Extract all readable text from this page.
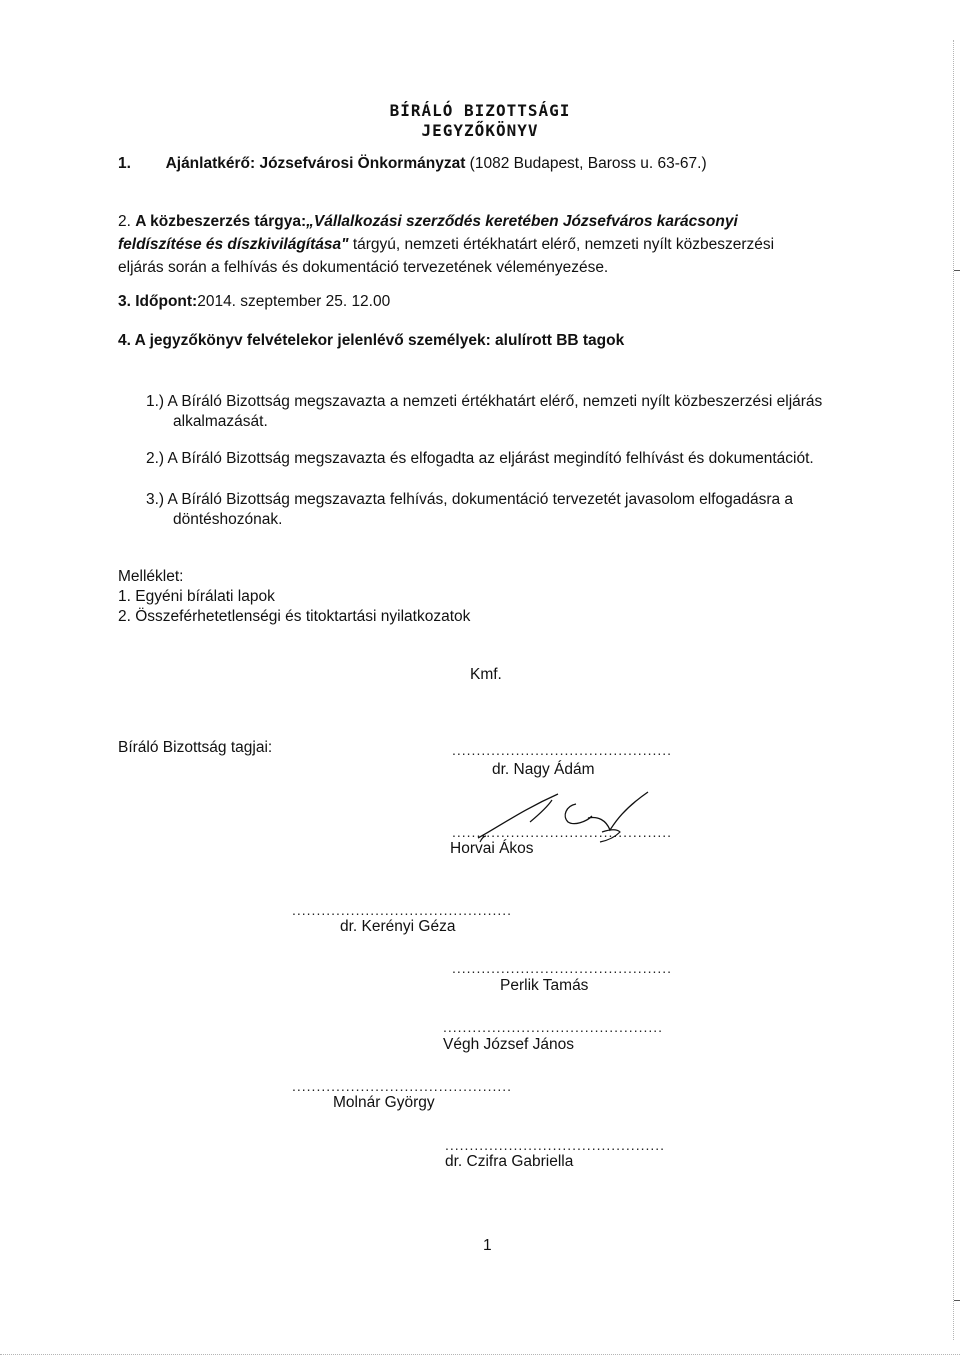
BÍRÁLÓ BIZOTTSÁGI
JEGYZŐKÖNYV
1. Ajánlatkérő: Józsefvárosi Önkormányzat (1082 Budapest, Baross u. 63-67.)
2. A közbeszerzés tárgya:„Vállalkozási szerződés keretében Józsefváros karácsonyi
feldíszítése és díszkivilágítása" tárgyú, nemzeti értékhatárt elérő, nemzeti nyílt közbeszerzési
eljárás során a felhívás és dokumentáció tervezetének véleményezése.
3. Időpont:2014. szeptember 25. 12.00
4. A jegyzőkönyv felvételekor jelenlévő személyek: alulírott BB tagok
1.) A Bíráló Bizottság megszavazta a nemzeti értékhatárt elérő, nemzeti nyílt közbeszerzési eljárás
alkalmazását.
2.) A Bíráló Bizottság megszavazta és elfogadta az eljárást megindító felhívást és dokumentációt.
3.) A Bíráló Bizottság megszavazta felhívás, dokumentáció tervezetét javasolom elfogadásra a
döntéshozónak.
Melléklet:
1. Egyéni bírálati lapok
2. Összeférhetetlenségi és titoktartási nyilatkozatok
Kmf.
Bíráló Bizottság tagjai:	.............................................
dr. Nagy Ádám
.............................................
Horvai Ákos
.............................................
dr. Kerényi Géza
.............................................
Perlik Tamás
.............................................
Végh József János
.............................................
Molnár György
.............................................
dr. Czifra Gabriella
1
